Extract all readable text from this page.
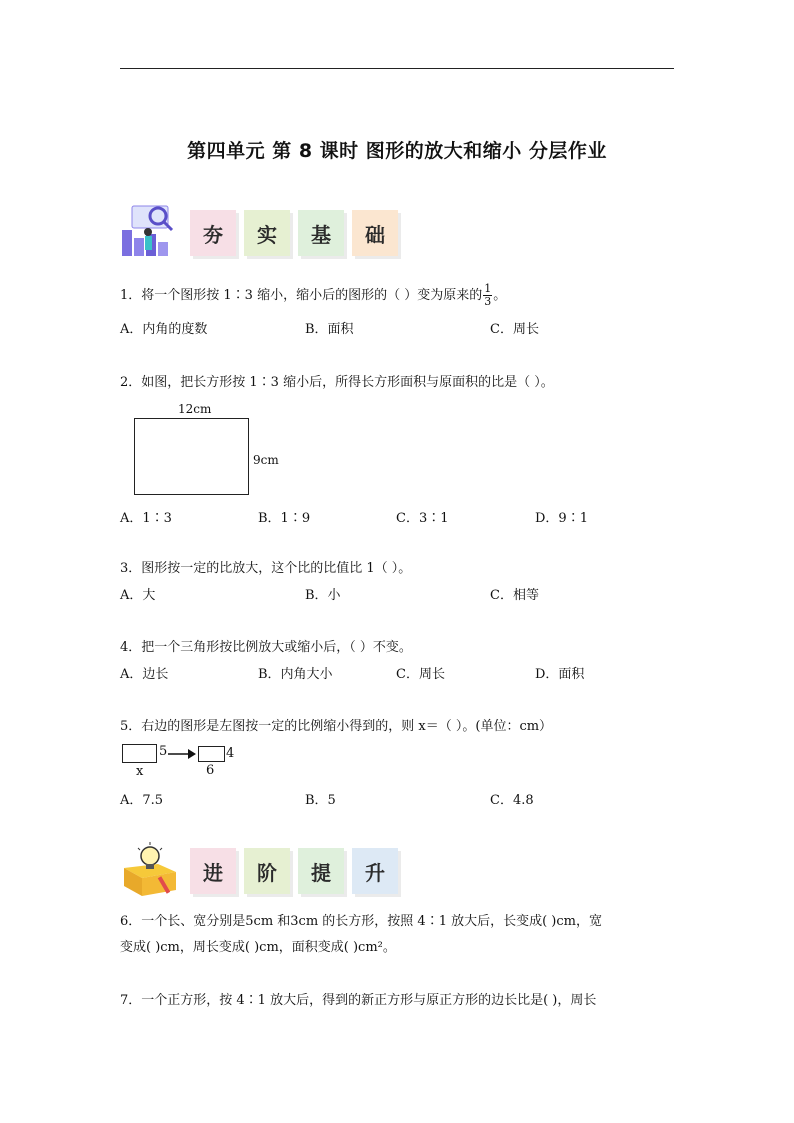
第四单元 第 8 课时 图形的放大和缩小 分层作业
夯	实	基	础
1．将一个图形按 1∶3 缩小，缩小后的图形的（ ）变为原来的 $\frac{1}{3}$ 。
A．内角的度数	B．面积	C．周长
2．如图，把长方形按 1∶3 缩小后，所得长方形面积与原面积的比是（ ）。
12cm
9cm
A．1∶3	B．1∶9	C．3∶1	D．9∶1
3．图形按一定的比放大，这个比的比值比 1（ ）。
A．大	B．小	C．相等
4．把一个三角形按比例放大或缩小后，（ ）不变。
A．边长	B．内角大小	C．周长	D．面积
5．右边的图形是左图按一定的比例缩小得到的，则 x＝（ ）。(单位：cm）
5
x
4
6
A．7.5	B．5	C．4.8
进	阶	提	升
6．一个长、宽分别是5cm 和3cm 的长方形，按照 4∶1 放大后，长变成( )cm，宽
变成( )cm，周长变成( )cm，面积变成( )cm²。
7．一个正方形，按 4∶1 放大后，得到的新正方形与原正方形的边长比是( )，周长
